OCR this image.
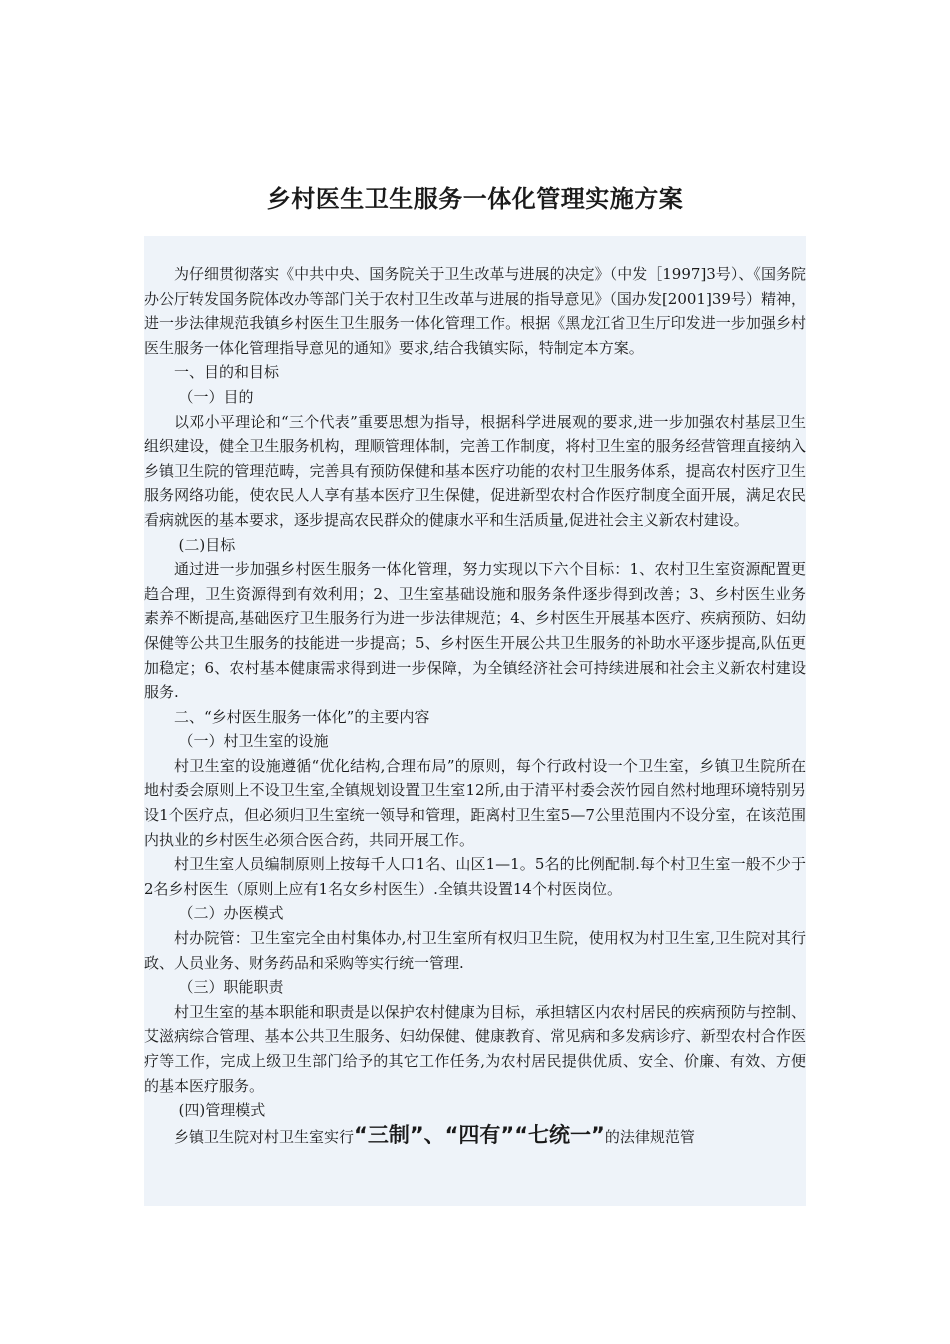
乡村医生卫生服务一体化管理实施方案

为仔细贯彻落实《中共中央、国务院关于卫生改革与进展的决定》（中发［1997]3号）、《国务院办公厅转发国务院体改办等部门关于农村卫生改革与进展的指导意见》（国办发[2001]39号）精神，进一步法律规范我镇乡村医生卫生服务一体化管理工作。根据《黑龙江省卫生厅印发进一步加强乡村医生服务一体化管理指导意见的通知》要求,结合我镇实际，特制定本方案。

一、目的和目标

（一）目的

以邓小平理论和“三个代表”重要思想为指导，根据科学进展观的要求,进一步加强农村基层卫生组织建设，健全卫生服务机构，理顺管理体制，完善工作制度，将村卫生室的服务经营管理直接纳入乡镇卫生院的管理范畴，完善具有预防保健和基本医疗功能的农村卫生服务体系，提高农村医疗卫生服务网络功能，使农民人人享有基本医疗卫生保健，促进新型农村合作医疗制度全面开展，满足农民看病就医的基本要求，逐步提高农民群众的健康水平和生活质量,促进社会主义新农村建设。

(二)目标

通过进一步加强乡村医生服务一体化管理，努力实现以下六个目标：1、农村卫生室资源配置更趋合理，卫生资源得到有效利用；2、卫生室基础设施和服务条件逐步得到改善；3、乡村医生业务素养不断提高,基础医疗卫生服务行为进一步法律规范；4、乡村医生开展基本医疗、疾病预防、妇幼保健等公共卫生服务的技能进一步提高；5、乡村医生开展公共卫生服务的补助水平逐步提高,队伍更加稳定；6、农村基本健康需求得到进一步保障，为全镇经济社会可持续进展和社会主义新农村建设服务.

二、“乡村医生服务一体化”的主要内容

（一）村卫生室的设施

村卫生室的设施遵循“优化结构,合理布局”的原则，每个行政村设一个卫生室，乡镇卫生院所在地村委会原则上不设卫生室,全镇规划设置卫生室12所,由于清平村委会茨竹园自然村地理环境特别另设1个医疗点，但必须归卫生室统一领导和管理，距离村卫生室5—7公里范围内不设分室，在该范围内执业的乡村医生必须合医合药，共同开展工作。

村卫生室人员编制原则上按每千人口1名、山区1—1。5名的比例配制.每个村卫生室一般不少于2名乡村医生（原则上应有1名女乡村医生）.全镇共设置14个村医岗位。

（二）办医模式

村办院管：卫生室完全由村集体办,村卫生室所有权归卫生院，使用权为村卫生室,卫生院对其行政、人员业务、财务药品和采购等实行统一管理.

（三）职能职责

村卫生室的基本职能和职责是以保护农村健康为目标，承担辖区内农村居民的疾病预防与控制、艾滋病综合管理、基本公共卫生服务、妇幼保健、健康教育、常见病和多发病诊疗、新型农村合作医疗等工作，完成上级卫生部门给予的其它工作任务,为农村居民提供优质、安全、价廉、有效、方便的基本医疗服务。

(四)管理模式

乡镇卫生院对村卫生室实行“三制”、“四有”“七统一”的法律规范管
